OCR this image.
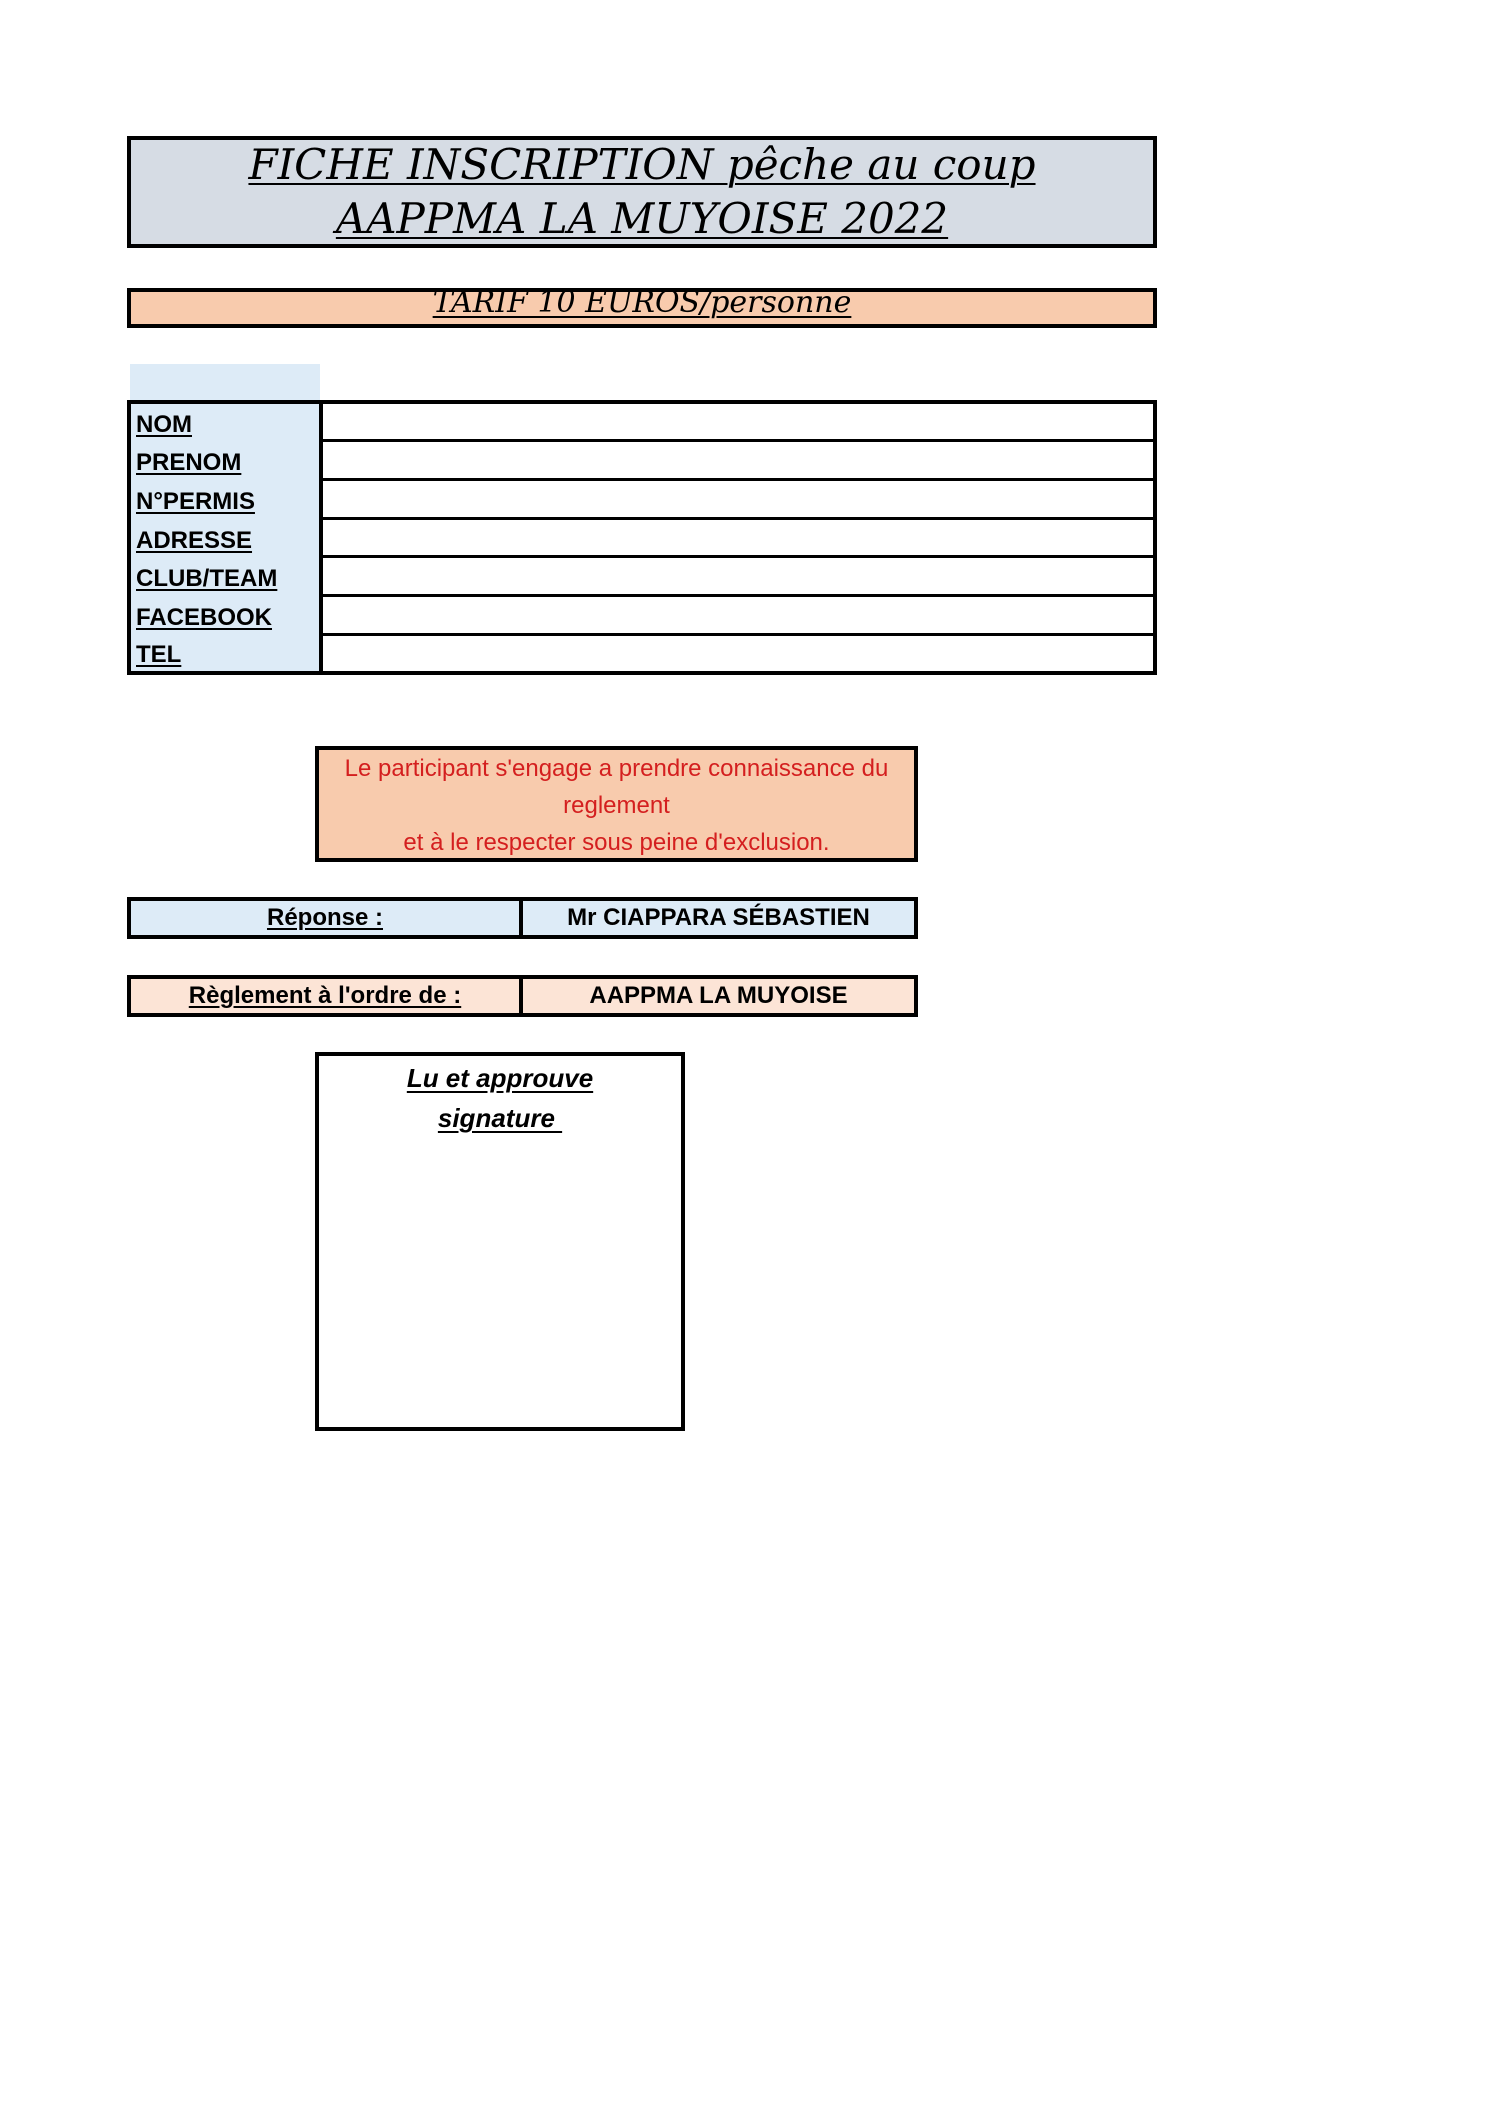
FICHE INSCRIPTION pêche au coup
AAPPMA LA MUYOISE 2022
TARIF 10 EUROS/personne
NOM	
PRENOM	
N°PERMIS	
ADRESSE	
CLUB/TEAM	
FACEBOOK	
TEL	
Le participant s'engage a prendre connaissance du
reglement
et à le respecter sous peine d'exclusion.
Réponse :	Mr CIAPPARA SÉBASTIEN
Règlement à l'ordre de :	AAPPMA LA MUYOISE
Lu et approuve
signature
